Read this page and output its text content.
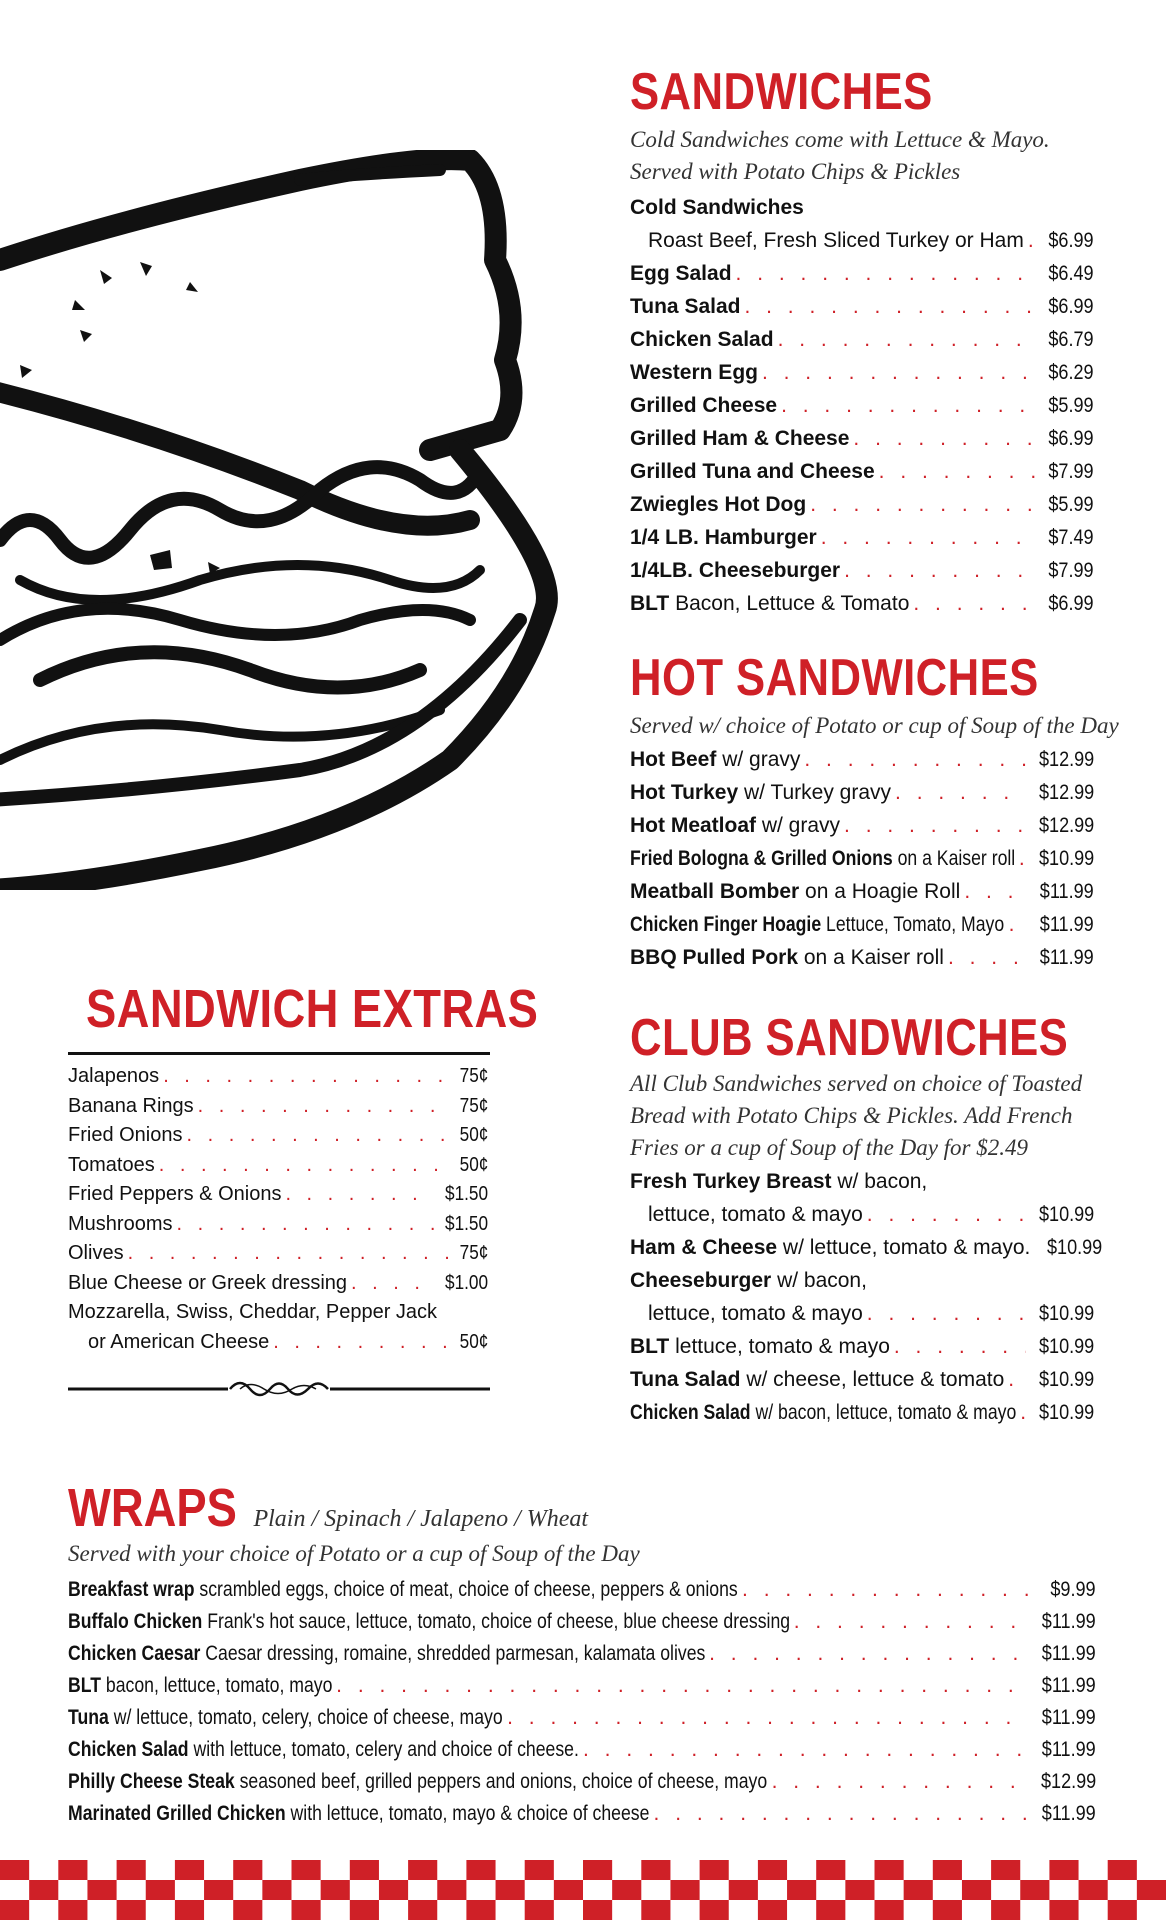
SANDWICHES
Cold Sandwiches come with Lettuce & Mayo.
Served with Potato Chips & Pickles
Cold Sandwiches
Roast Beef, Fresh Sliced Turkey or Ham . . . $6.99
Egg Salad . . .	$6.49
Tuna Salad . . .	$6.99
Chicken Salad . . .	$6.79
Western Egg . . .	$6.29
Grilled Cheese . . .	$5.99
Grilled Ham & Cheese . . .	$6.99
Grilled Tuna and Cheese . . .	$7.99
Zwiegles Hot Dog . . .	$5.99
1/4 LB. Hamburger . . .	$7.49
1/4LB. Cheeseburger . . .	$7.99
BLT Bacon, Lettuce & Tomato . . .	$6.99
HOT SANDWICHES
Served w/ choice of Potato or cup of Soup of the Day
Hot Beef w/ gravy . . .	$12.99
Hot Turkey w/ Turkey gravy . . .	$12.99
Hot Meatloaf w/ gravy . . .	$12.99
Fried Bologna & Grilled Onions on a Kaiser roll . . . $10.99
Meatball Bomber on a Hoagie Roll . . .	$11.99
Chicken Finger Hoagie Lettuce, Tomato, Mayo . . . $11.99
BBQ Pulled Pork on a Kaiser roll . . .	$11.99
CLUB SANDWICHES
All Club Sandwiches served on choice of Toasted
Bread with Potato Chips & Pickles. Add French
Fries or a cup of Soup of the Day for $2.49
Fresh Turkey Breast w/ bacon,
lettuce, tomato & mayo . . .	$10.99
Ham & Cheese w/ lettuce, tomato & mayo. $10.99
Cheeseburger w/ bacon,
lettuce, tomato & mayo . . .	$10.99
BLT lettuce, tomato & mayo . . .	$10.99
Tuna Salad w/ cheese, lettuce & tomato . . . $10.99
Chicken Salad w/ bacon, lettuce, tomato & mayo . . . $10.99
SANDWICH EXTRAS
Jalapenos . . .	75¢
Banana Rings . . .	75¢
Fried Onions . . .	50¢
Tomatoes . . .	50¢
Fried Peppers & Onions . . .	$1.50
Mushrooms . . .	$1.50
Olives . . .	75¢
Blue Cheese or Greek dressing . . .	$1.00
Mozzarella, Swiss, Cheddar, Pepper Jack
or American Cheese . . .	50¢
WRAPS Plain / Spinach / Jalapeno / Wheat
Served with your choice of Potato or a cup of Soup of the Day
Breakfast wrap scrambled eggs, choice of meat, choice of cheese, peppers & onions . . .	$9.99
Buffalo Chicken Frank's hot sauce, lettuce, tomato, choice of cheese, blue cheese dressing . . .	$11.99
Chicken Caesar Caesar dressing, romaine, shredded parmesan, kalamata olives . . .	$11.99
BLT bacon, lettuce, tomato, mayo . . .	$11.99
Tuna w/ lettuce, tomato, celery, choice of cheese, mayo . . .	$11.99
Chicken Salad with lettuce, tomato, celery and choice of cheese. . . .	$11.99
Philly Cheese Steak seasoned beef, grilled peppers and onions, choice of cheese, mayo . . .	$12.99
Marinated Grilled Chicken with lettuce, tomato, mayo & choice of cheese . . .	$11.99
